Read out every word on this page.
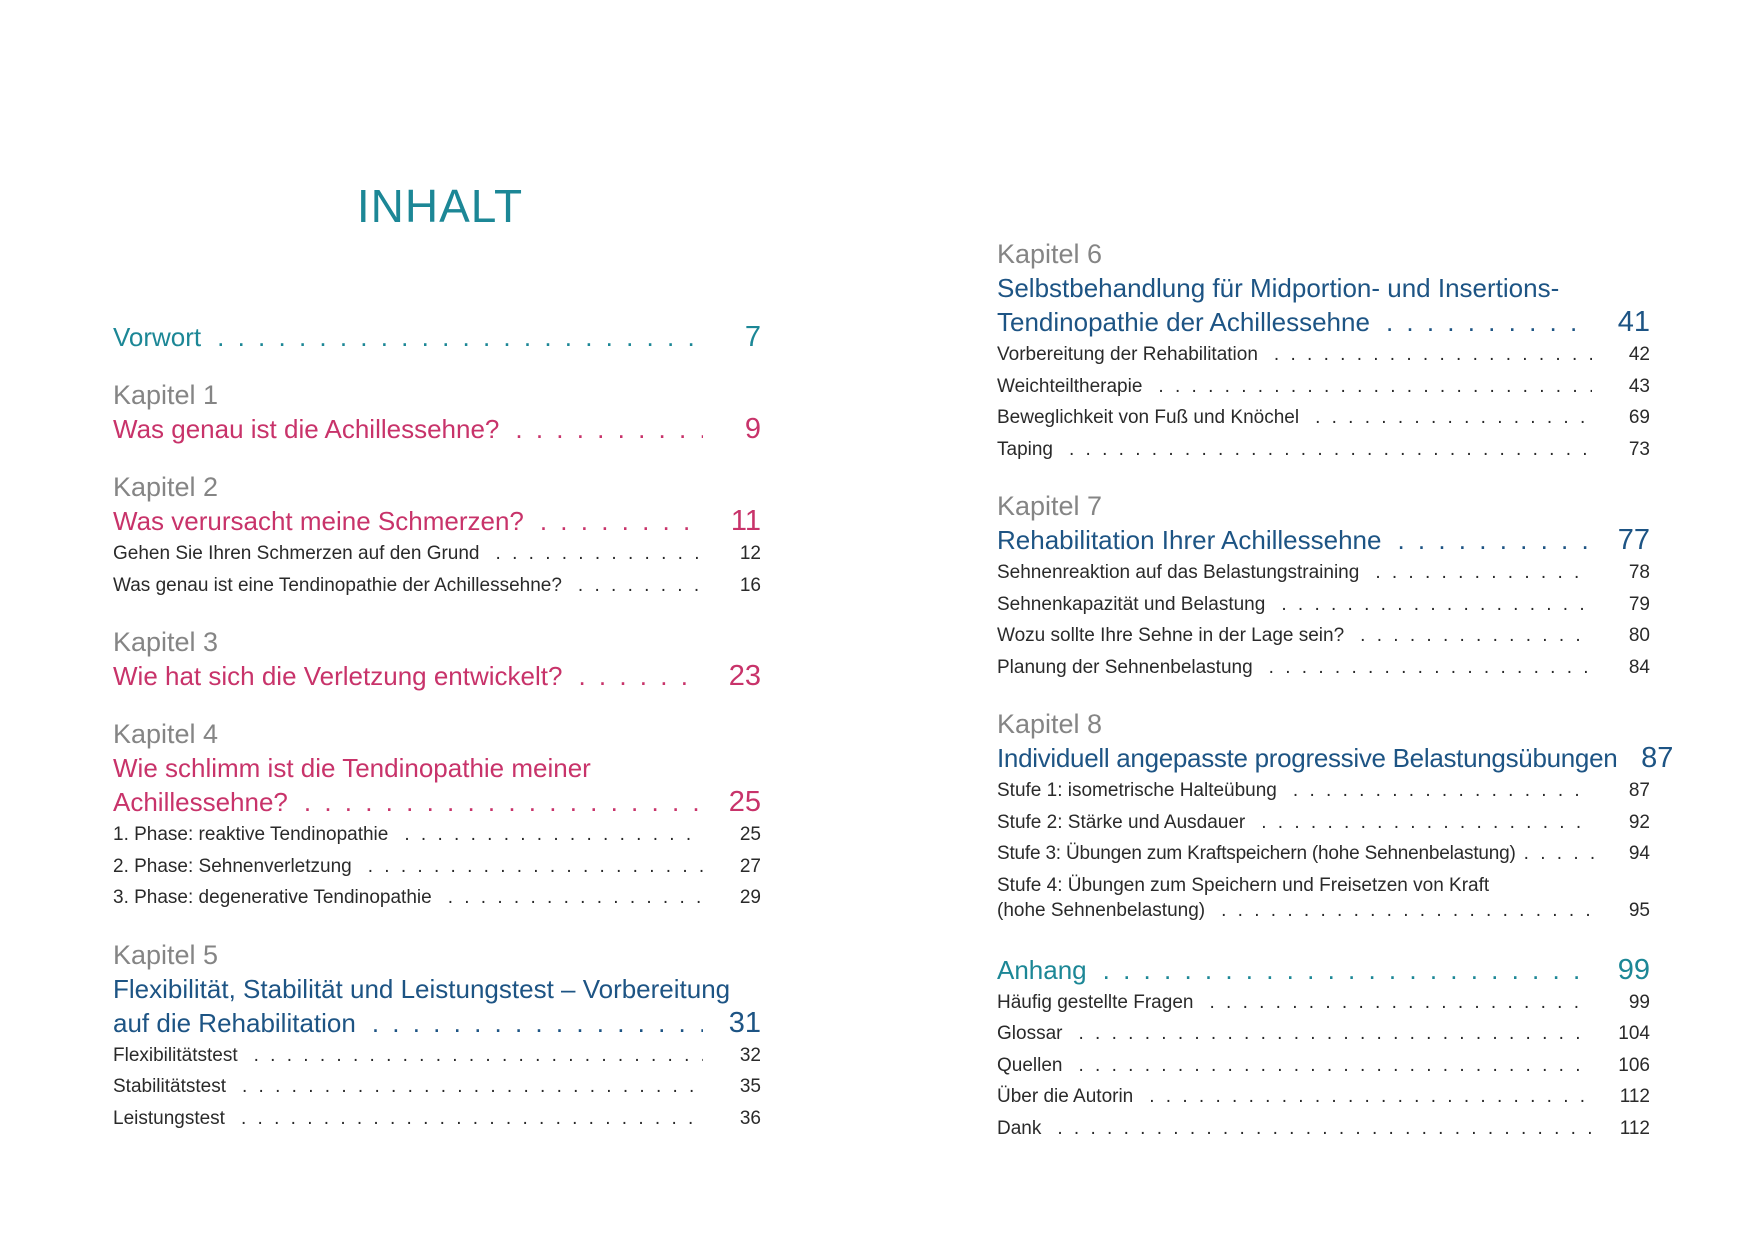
INHALT
Vorwort . . .	7
Kapitel 1
Was genau ist die Achillessehne? . . .	9
Kapitel 2
Was verursacht meine Schmerzen? . . .	11
Gehen Sie Ihren Schmerzen auf den Grund . . .	12
Was genau ist eine Tendinopathie der Achillessehne? . . .	16
Kapitel 3
Wie hat sich die Verletzung entwickelt? . . .	23
Kapitel 4
Wie schlimm ist die Tendinopathie meiner
Achillessehne? . . .	25
1. Phase: reaktive Tendinopathie . . .	25
2. Phase: Sehnenverletzung . . .	27
3. Phase: degenerative Tendinopathie . . .	29
Kapitel 5
Flexibilität, Stabilität und Leistungstest – Vorbereitung
auf die Rehabilitation . . .	31
Flexibilitätstest . . .	32
Stabilitätstest . . .	35
Leistungstest . . .	36
Kapitel 6
Selbstbehandlung für Midportion- und Insertions-
Tendinopathie der Achillessehne . . .	41
Vorbereitung der Rehabilitation . . .	42
Weichteiltherapie . . .	43
Beweglichkeit von Fuß und Knöchel . . .	69
Taping . . .	73
Kapitel 7
Rehabilitation Ihrer Achillessehne . . .	77
Sehnenreaktion auf das Belastungstraining . . .	78
Sehnenkapazität und Belastung . . .	79
Wozu sollte Ihre Sehne in der Lage sein? . . .	80
Planung der Sehnenbelastung . . .	84
Kapitel 8
Individuell angepasste progressive Belastungsübungen 87
Stufe 1: isometrische Halteübung . . .	87
Stufe 2: Stärke und Ausdauer . . .	92
Stufe 3: Übungen zum Kraftspeichern (hohe Sehnenbelastung) . . .	94
Stufe 4: Übungen zum Speichern und Freisetzen von Kraft
(hohe Sehnenbelastung) . . .	95
Anhang . . .	99
Häufig gestellte Fragen . . .	99
Glossar . . .	104
Quellen . . .	106
Über die Autorin . . .	112
Dank . . .	112
